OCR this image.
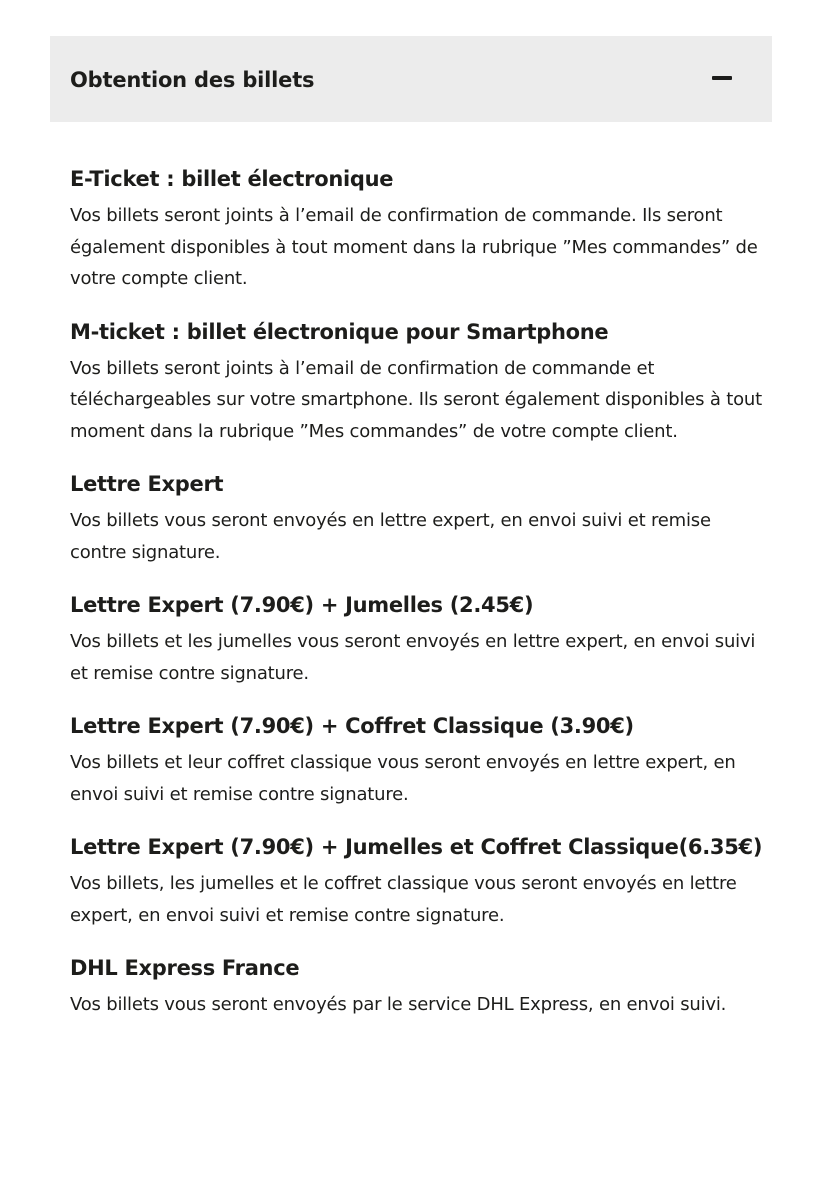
Obtention des billets
E-Ticket : billet électronique

Vos billets seront joints à l’email de confirmation de commande. Ils seront également disponibles à tout moment dans la rubrique ”Mes commandes” de votre compte client.

M-ticket : billet électronique pour Smartphone

Vos billets seront joints à l’email de confirmation de commande et téléchargeables sur votre smartphone. Ils seront également disponibles à tout moment dans la rubrique ”Mes commandes” de votre compte client.

Lettre Expert

Vos billets vous seront envoyés en lettre expert, en envoi suivi et remise contre signature.

Lettre Expert (7.90€) + Jumelles (2.45€)

Vos billets et les jumelles vous seront envoyés en lettre expert, en envoi suivi et remise contre signature.

Lettre Expert (7.90€) + Coffret Classique (3.90€)

Vos billets et leur coffret classique vous seront envoyés en lettre expert, en envoi suivi et remise contre signature.

Lettre Expert (7.90€) + Jumelles et Coffret Classique(6.35€)

Vos billets, les jumelles et le coffret classique vous seront envoyés en lettre expert, en envoi suivi et remise contre signature.

DHL Express France

Vos billets vous seront envoyés par le service DHL Express, en envoi suivi.
